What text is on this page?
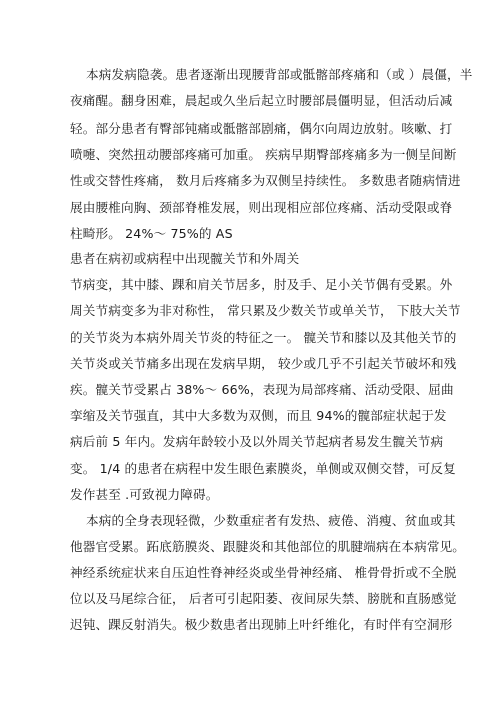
本病发病隐袭。患者逐渐出现腰背部或骶髂部疼痛和（或 ）晨僵，半
夜痛醒。翻身困难，晨起或久坐后起立时腰部晨僵明显，但活动后减
轻。部分患者有臀部钝痛或骶髂部剧痛，偶尔向周边放射。咳嗽、打
喷嚏、突然扭动腰部疼痛可加重。 疾病早期臀部疼痛多为一侧呈间断
性或交替性疼痛， 数月后疼痛多为双侧呈持续性。 多数患者随病情进
展由腰椎向胸、颈部脊椎发展，则出现相应部位疼痛、活动受限或脊
柱畸形。 24%～ 75%的 AS
患者在病初或病程中出现髋关节和外周关
节病变，其中膝、踝和肩关节居多，肘及手、足小关节偶有受累。外
周关节病变多为非对称性， 常只累及少数关节或单关节， 下肢大关节
的关节炎为本病外周关节炎的特征之一。 髋关节和膝以及其他关节的
关节炎或关节痛多出现在发病早期， 较少或几乎不引起关节破坏和残
疾。髋关节受累占 38%～ 66%，表现为局部疼痛、活动受限、屈曲
挛缩及关节强直，其中大多数为双侧，而且 94%的髋部症状起于发
病后前 5 年内。发病年龄较小及以外周关节起病者易发生髋关节病
变。 1/4 的患者在病程中发生眼色素膜炎，单侧或双侧交替，可反复
发作甚至 .可致视力障碍。
本病的全身表现轻微，少数重症者有发热、疲倦、消瘦、贫血或其
他器官受累。跖底筋膜炎、跟腱炎和其他部位的肌腱端病在本病常见。
神经系统症状来自压迫性脊神经炎或坐骨神经痛、 椎骨骨折或不全脱
位以及马尾综合征， 后者可引起阳萎、夜间尿失禁、膀胱和直肠感觉
迟钝、踝反射消失。极少数患者出现肺上叶纤维化，有时伴有空洞形
